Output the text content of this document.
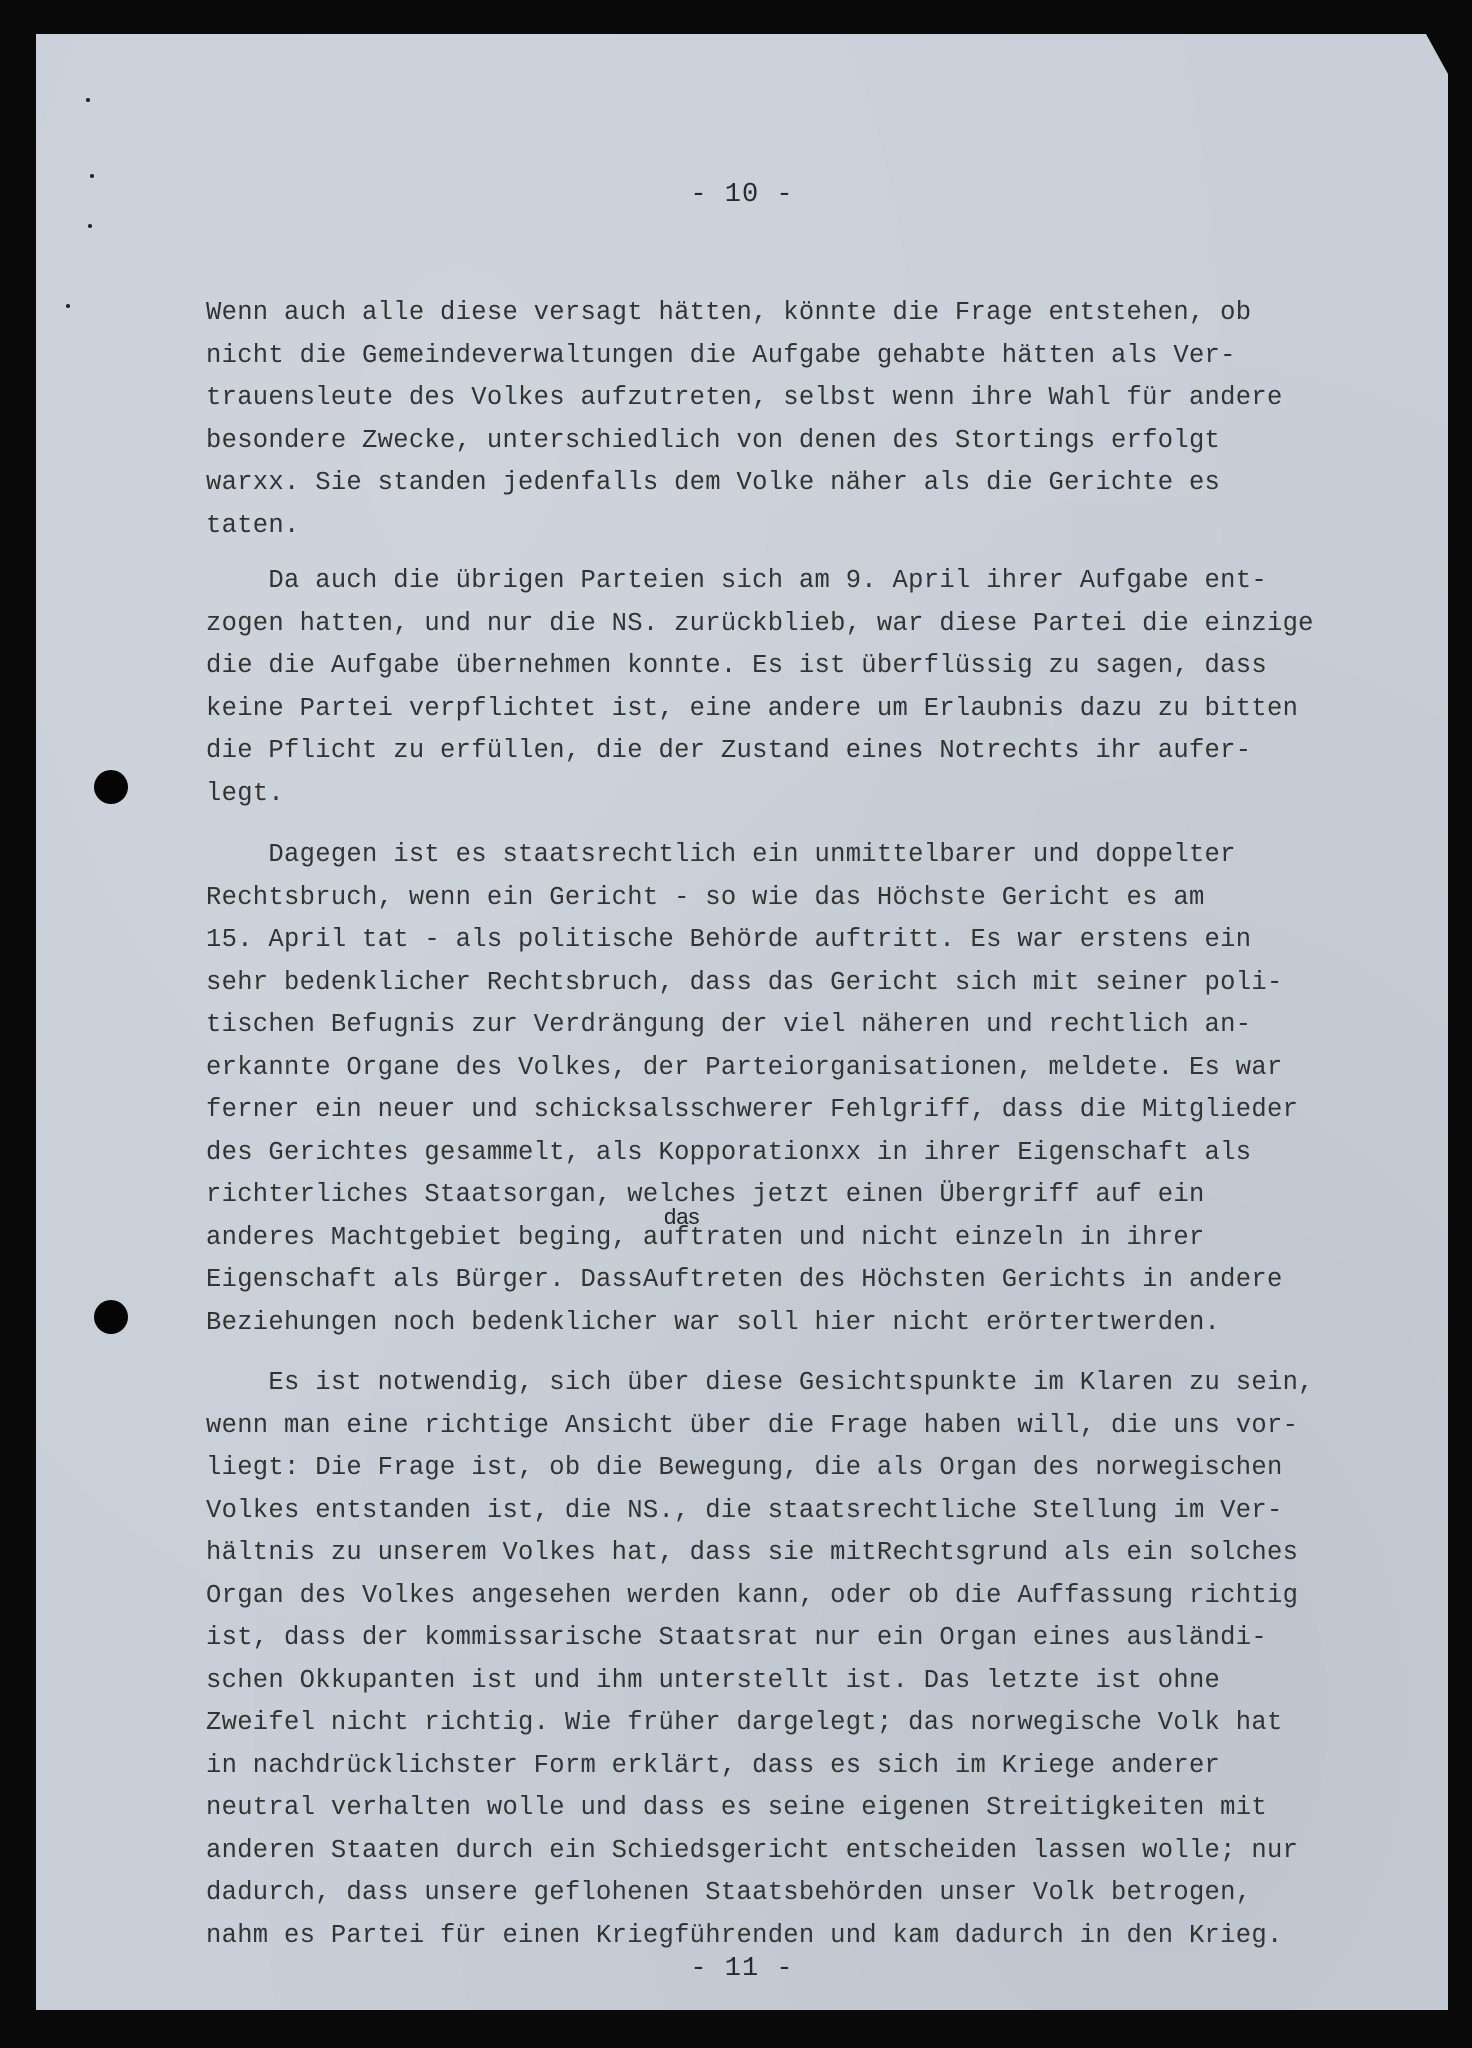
- 10 -
Wenn auch alle diese versagt hätten, könnte die Frage entstehen, ob
nicht die Gemeindeverwaltungen die Aufgabe gehabte hätten als Ver-
trauensleute des Volkes aufzutreten, selbst wenn ihre Wahl für andere
besondere Zwecke, unterschiedlich von denen des Stortings erfolgt
warxx. Sie standen jedenfalls dem Volke näher als die Gerichte es
taten.
Da auch die übrigen Parteien sich am 9. April ihrer Aufgabe ent-
zogen hatten, und nur die NS. zurückblieb, war diese Partei die einzige
die die Aufgabe übernehmen konnte. Es ist überflüssig zu sagen, dass
keine Partei verpflichtet ist, eine andere um Erlaubnis dazu zu bitten
die Pflicht zu erfüllen, die der Zustand eines Notrechts ihr aufer-
legt.
Dagegen ist es staatsrechtlich ein unmittelbarer und doppelter
Rechtsbruch, wenn ein Gericht - so wie das Höchste Gericht es am
15. April tat - als politische Behörde auftritt. Es war erstens ein
sehr bedenklicher Rechtsbruch, dass das Gericht sich mit seiner poli-
tischen Befugnis zur Verdrängung der viel näheren und rechtlich an-
erkannte Organe des Volkes, der Parteiorganisationen, meldete. Es war
ferner ein neuer und schicksalsschwerer Fehlgriff, dass die Mitglieder
des Gerichtes gesammelt, als Kopporationxx in ihrer Eigenschaft als
richterliches Staatsorgan, welches jetzt einen Übergriff auf ein
anderes Machtgebiet beging, auftraten und nicht einzeln in ihrer
Eigenschaft als Bürger. DassAuftreten des Höchsten Gerichts in andere
Beziehungen noch bedenklicher war soll hier nicht erörtertwerden.
das
Es ist notwendig, sich über diese Gesichtspunkte im Klaren zu sein,
wenn man eine richtige Ansicht über die Frage haben will, die uns vor-
liegt: Die Frage ist, ob die Bewegung, die als Organ des norwegischen
Volkes entstanden ist, die NS., die staatsrechtliche Stellung im Ver-
hältnis zu unserem Volkes hat, dass sie mitRechtsgrund als ein solches
Organ des Volkes angesehen werden kann, oder ob die Auffassung richtig
ist, dass der kommissarische Staatsrat nur ein Organ eines ausländi-
schen Okkupanten ist und ihm unterstellt ist. Das letzte ist ohne
Zweifel nicht richtig. Wie früher dargelegt; das norwegische Volk hat
in nachdrücklichster Form erklärt, dass es sich im Kriege anderer
neutral verhalten wolle und dass es seine eigenen Streitigkeiten mit
anderen Staaten durch ein Schiedsgericht entscheiden lassen wolle; nur
dadurch, dass unsere geflohenen Staatsbehörden unser Volk betrogen,
nahm es Partei für einen Kriegführenden und kam dadurch in den Krieg.
- 11 -
